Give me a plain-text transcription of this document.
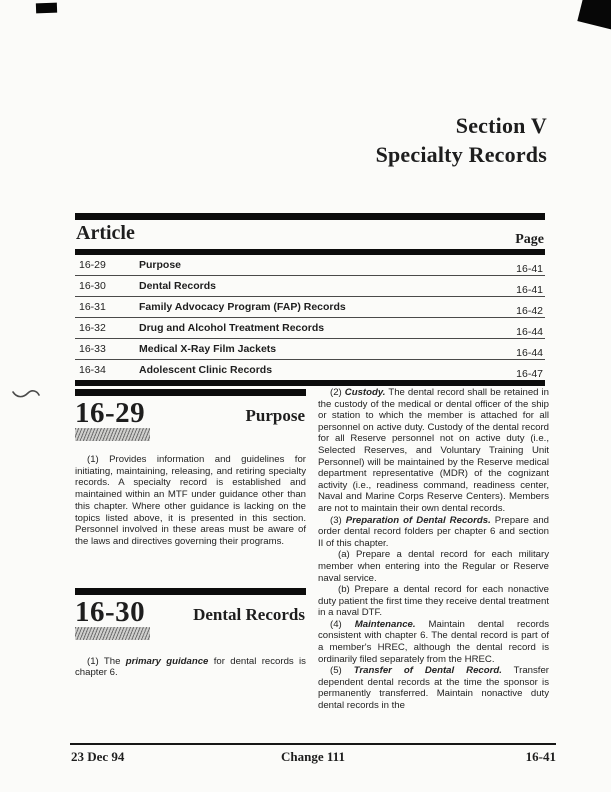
Section V
Specialty Records
Article	Page
16-29	Purpose	16-41
16-30	Dental Records	16-41
16-31	Family Advocacy Program (FAP) Records	16-42
16-32	Drug and Alcohol Treatment Records	16-44
16-33	Medical X-Ray Film Jackets	16-44
16-34	Adolescent Clinic Records	16-47
16-29	Purpose

(1) Provides information and guidelines for initiating, maintaining, releasing, and retiring specialty records. A specialty record is established and maintained within an MTF under guidance other than this chapter. Where other guidance is lacking on the topics listed above, it is presented in this section. Personnel involved in these areas must be aware of the laws and directives governing their programs.

16-30	Dental Records

(1) The primary guidance for dental records is chapter 6.

(2) Custody. The dental record shall be retained in the custody of the medical or dental officer of the ship or station to which the member is attached for all personnel on active duty. Custody of the dental record for all Reserve personnel not on active duty (i.e., Selected Reserves, and Voluntary Training Unit Personnel) will be maintained by the Reserve medical department representative (MDR) of the cognizant activity (i.e., readiness command, readiness center, Naval and Marine Corps Reserve Centers). Members are not to maintain their own dental records.

(3) Preparation of Dental Records. Prepare and order dental record folders per chapter 6 and section II of this chapter.

(a) Prepare a dental record for each military member when entering into the Regular or Reserve naval service.

(b) Prepare a dental record for each nonactive duty patient the first time they receive dental treatment in a naval DTF.

(4) Maintenance. Maintain dental records consistent with chapter 6. The dental record is part of a member's HREC, although the dental record is ordinarily filed separately from the HREC.

(5) Transfer of Dental Record. Transfer dependent dental records at the time the sponsor is permanently transferred. Maintain nonactive duty dental records in the

23 Dec 94	Change 111	16-41
